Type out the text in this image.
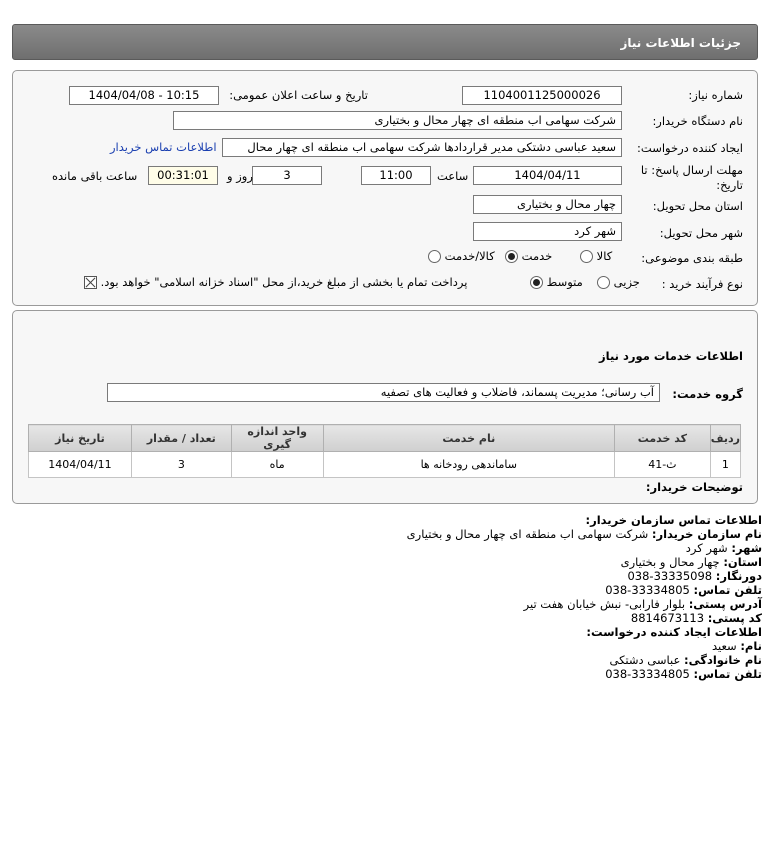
جزئیات اطلاعات نیاز
شماره نیاز:
1104001125000026
تاریخ و ساعت اعلان عمومی:
1404/04/08 - 10:15
نام دستگاه خریدار:
شرکت سهامی اب منطقه ای چهار محال و بختیاری
ایجاد کننده درخواست:
سعید عباسی دشتکی مدیر قراردادها شرکت سهامی اب منطقه ای چهار محال
اطلاعات تماس خریدار
مهلت ارسال پاسخ: تا تاریخ:
1404/04/11
ساعت
11:00
3
روز و
00:31:01
ساعت باقی مانده
استان محل تحویل:
چهار محال و بختیاری
شهر محل تحویل:
شهر کرد
طبقه بندی موضوعی:
کالا
خدمت
کالا/خدمت
نوع فرآیند خرید :
جزیی
متوسط
پرداخت تمام یا بخشی از مبلغ خرید،از محل "اسناد خزانه اسلامی" خواهد بود.
اطلاعات خدمات مورد نیاز
گروه خدمت:
آب رسانی؛ مدیریت پسماند، فاضلاب و فعالیت های تصفیه
ردیف	کد خدمت	نام خدمت	واحد اندازه گیری	تعداد / مقدار	تاریخ نیاز
1	ث-41	ساماندهی رودخانه ها	ماه	3	1404/04/11
توضیحات خریدار:
اطلاعات تماس سازمان خریدار:
نام سازمان خریدار: شرکت سهامی اب منطقه ای چهار محال و بختیاری
شهر: شهر کرد
استان: چهار محال و بختیاری
دورنگار: 038-33335098
تلفن تماس: 038-33334805
آدرس پستی: بلوار فارابی- نبش خیابان هفت تیر
کد پستی: 8814673113
اطلاعات ایجاد کننده درخواست:
نام: سعید
نام خانوادگی: عباسی دشتکی
تلفن تماس: 038-33334805
